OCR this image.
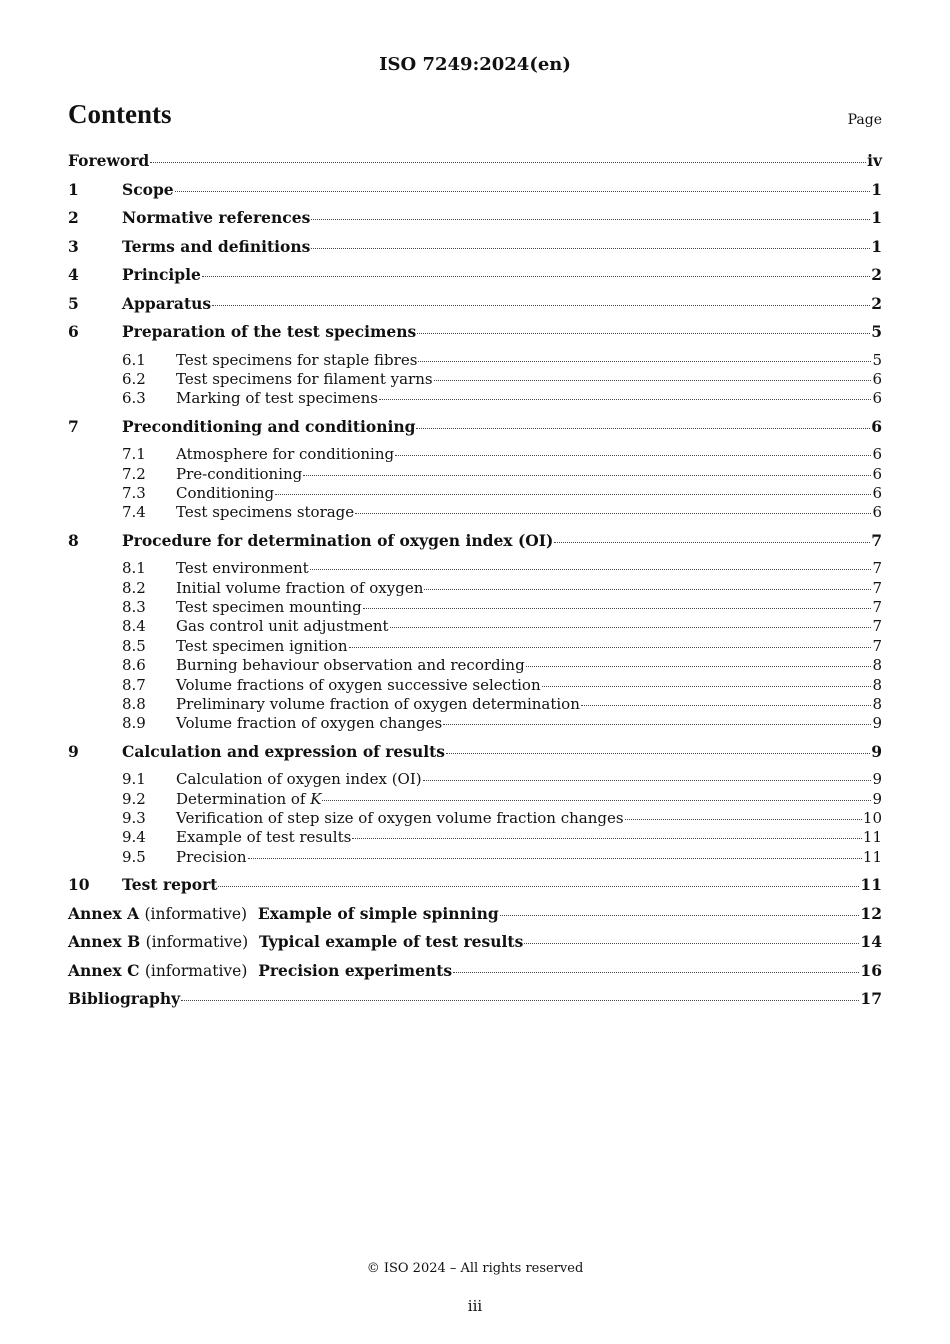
ISO 7249:2024(en)
Contents	Page
Foreword	iv
1	Scope	1
2	Normative references	1
3	Terms and definitions	1
4	Principle	2
5	Apparatus	2
6	Preparation of the test specimens	5
6.1	Test specimens for staple fibres	5
6.2	Test specimens for filament yarns	6
6.3	Marking of test specimens	6
7	Preconditioning and conditioning	6
7.1	Atmosphere for conditioning	6
7.2	Pre-conditioning	6
7.3	Conditioning	6
7.4	Test specimens storage	6
8	Procedure for determination of oxygen index (OI)	7
8.1	Test environment	7
8.2	Initial volume fraction of oxygen	7
8.3	Test specimen mounting	7
8.4	Gas control unit adjustment	7
8.5	Test specimen ignition	7
8.6	Burning behaviour observation and recording	8
8.7	Volume fractions of oxygen successive selection	8
8.8	Preliminary volume fraction of oxygen determination	8
8.9	Volume fraction of oxygen changes	9
9	Calculation and expression of results	9
9.1	Calculation of oxygen index (OI)	9
9.2	Determination of K	9
9.3	Verification of step size of oxygen volume fraction changes	10
9.4	Example of test results	11
9.5	Precision	11
10	Test report	11
Annex A (informative) Example of simple spinning	12
Annex B (informative) Typical example of test results	14
Annex C (informative) Precision experiments	16
Bibliography	17
© ISO 2024 – All rights reserved
iii
